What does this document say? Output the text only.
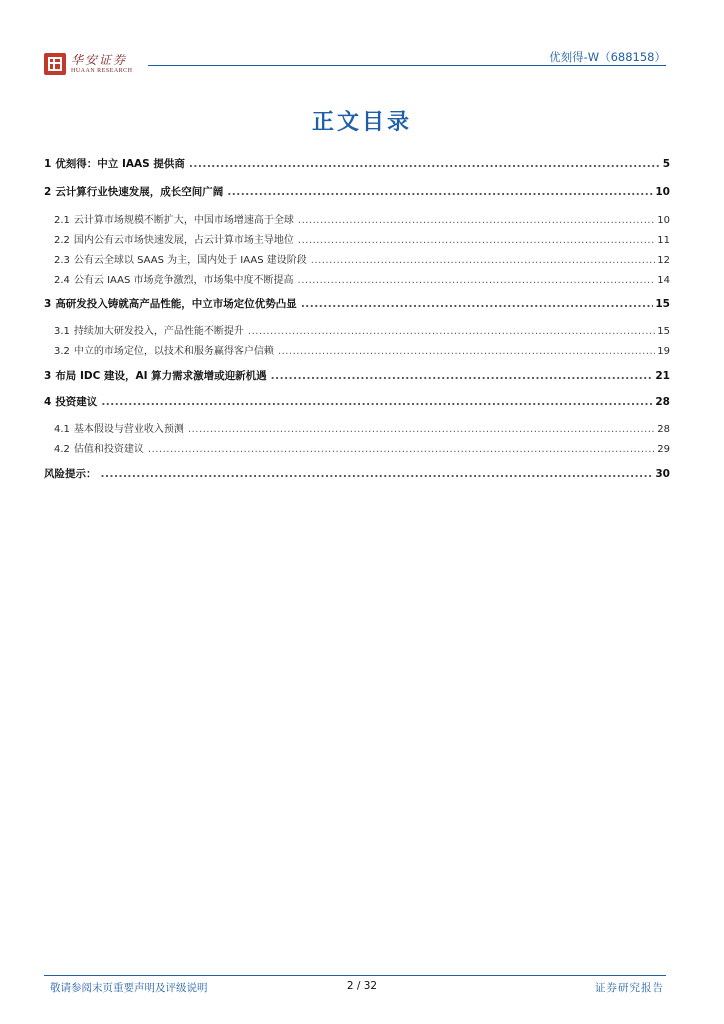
华安证券
HUAAN RESEARCH
优刻得-W（688158）
正文目录
1 优刻得：中立 IAAS 提供商 .....	5
2 云计算行业快速发展，成长空间广阔 .....	10
2.1 云计算市场规模不断扩大，中国市场增速高于全球 .....	10
2.2 国内公有云市场快速发展，占云计算市场主导地位 .....	11
2.3 公有云全球以 SAAS 为主，国内处于 IAAS 建设阶段 .....	12
2.4 公有云 IAAS 市场竞争激烈，市场集中度不断提高 .....	14
3 高研发投入铸就高产品性能，中立市场定位优势凸显 .....	15
3.1 持续加大研发投入，产品性能不断提升 .....	15
3.2 中立的市场定位，以技术和服务赢得客户信赖 .....	19
3 布局 IDC 建设，AI 算力需求激增或迎新机遇 .....	21
4 投资建议 .....	28
4.1 基本假设与营业收入预测 .....	28
4.2 估值和投资建议 .....	29
风险提示： .....	30
敬请参阅末页重要声明及评级说明	2 / 32	证券研究报告
